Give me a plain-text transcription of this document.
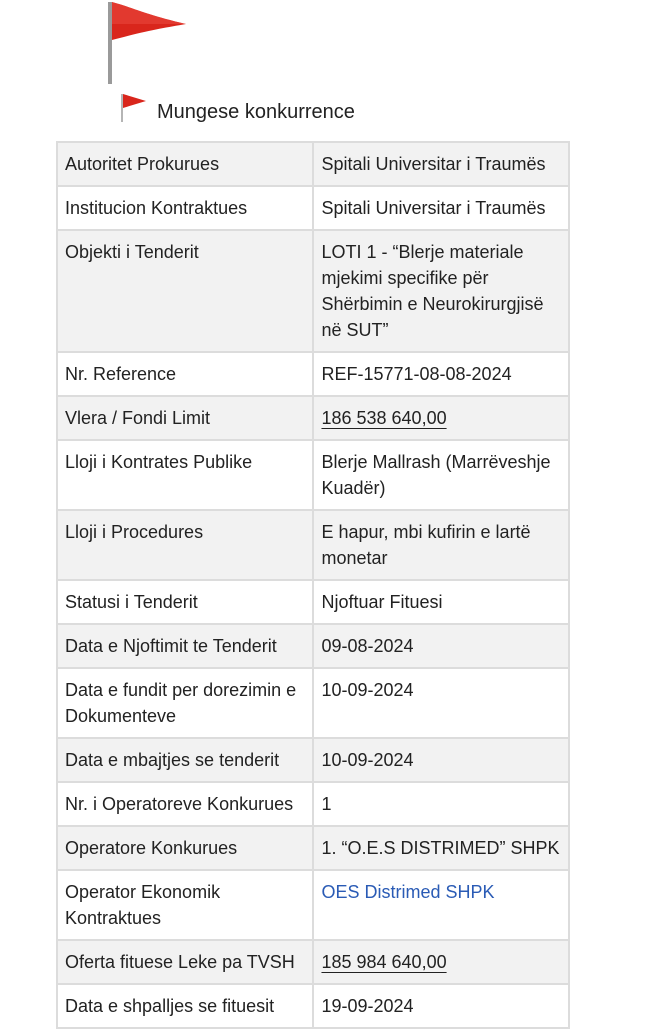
Mungese konkurrence
Autoritet Prokurues	Spitali Universitar i Traumës
Institucion Kontraktues	Spitali Universitar i Traumës
Objekti i Tenderit	LOTI 1 - “Blerje materiale mjekimi specifike për Shërbimin e Neurokirurgjisë në SUT”
Nr. Reference	REF-15771-08-08-2024
Vlera / Fondi Limit	186 538 640,00
Lloji i Kontrates Publike	Blerje Mallrash (Marrëveshje Kuadër)
Lloji i Procedures	E hapur, mbi kufirin e lartë monetar
Statusi i Tenderit	Njoftuar Fituesi
Data e Njoftimit te Tenderit	09-08-2024
Data e fundit per dorezimin e Dokumenteve	10-09-2024
Data e mbajtjes se tenderit	10-09-2024
Nr. i Operatoreve Konkurues	1
Operatore Konkurues	1. “O.E.S DISTRIMED” SHPK
Operator Ekonomik Kontraktues	OES Distrimed SHPK
Oferta fituese Leke pa TVSH	185 984 640,00
Data e shpalljes se fituesit	19-09-2024
